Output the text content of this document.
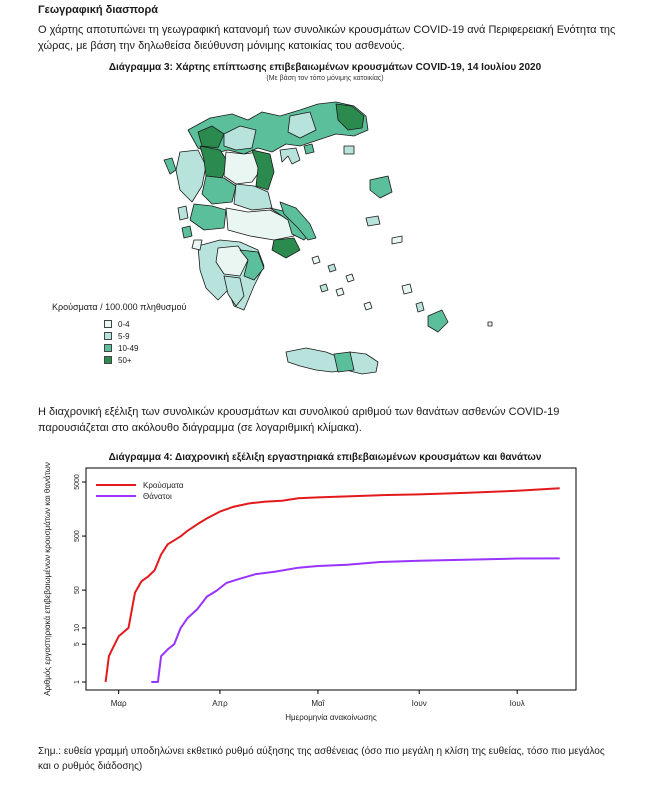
Γεωγραφική διασπορά
Ο χάρτης αποτυπώνει τη γεωγραφική κατανομή των συνολικών κρουσμάτων COVID-19 ανά Περιφερειακή Ενότητα της χώρας, με βάση την δηλωθείσα διεύθυνση μόνιμης κατοικίας του ασθενούς.
Διάγραμμα 3: Χάρτης επίπτωσης επιβεβαιωμένων κρουσμάτων COVID-19, 14 Ιουλίου 2020
(Με βάση τον τόπο μόνιμης κατοικίας)
Κρούσματα / 100.000 πληθυσμού
0-4
5-9
10-49
50+
Η διαχρονική εξέλιξη των συνολικών κρουσμάτων και συνολικού αριθμού των θανάτων ασθενών COVID-19 παρουσιάζεται στο ακόλουθο διάγραμμα (σε λογαριθμική κλίμακα).
Διάγραμμα 4: Διαχρονική εξέλιξη εργαστηριακά επιβεβαιωμένων κρουσμάτων και θανάτων
1
5
10
50
500
5000
Μαρ	Απρ	Μαΐ	Ιουν	Ιουλ
Κρούσματα
Θάνατοι
Ημερομηνία ανακοίνωσης
Αριθμός εργαστηριακά επιβεβαιωμένων κρουσμάτων και θανάτων
Σημ.: ευθεία γραμμή υποδηλώνει εκθετικό ρυθμό αύξησης της ασθένειας (όσο πιο μεγάλη η κλίση της ευθείας, τόσο πιο μεγάλος και ο ρυθμός διάδοσης)
